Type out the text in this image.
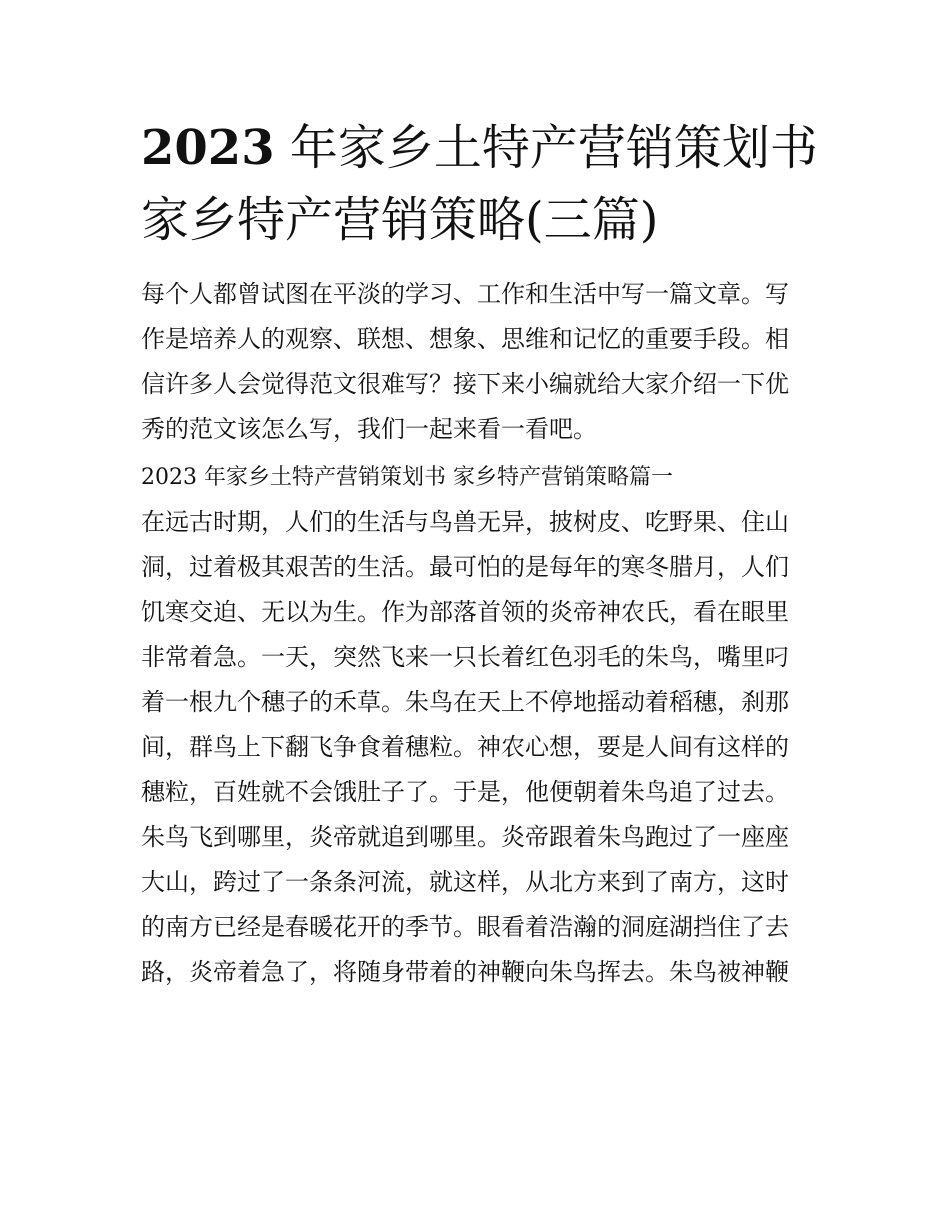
2023 年家乡土特产营销策划书
家乡特产营销策略(三篇)
每个人都曾试图在平淡的学习、工作和生活中写一篇文章。写
作是培养人的观察、联想、想象、思维和记忆的重要手段。相
信许多人会觉得范文很难写？接下来小编就给大家介绍一下优
秀的范文该怎么写，我们一起来看一看吧。
2023 年家乡土特产营销策划书 家乡特产营销策略篇一
在远古时期，人们的生活与鸟兽无异，披树皮、吃野果、住山
洞，过着极其艰苦的生活。最可怕的是每年的寒冬腊月，人们
饥寒交迫、无以为生。作为部落首领的炎帝神农氏，看在眼里
非常着急。一天，突然飞来一只长着红色羽毛的朱鸟，嘴里叼
着一根九个穗子的禾草。朱鸟在天上不停地摇动着稻穗，刹那
间，群鸟上下翻飞争食着穗粒。神农心想，要是人间有这样的
穗粒，百姓就不会饿肚子了。于是，他便朝着朱鸟追了过去。
朱鸟飞到哪里，炎帝就追到哪里。炎帝跟着朱鸟跑过了一座座
大山，跨过了一条条河流，就这样，从北方来到了南方，这时
的南方已经是春暖花开的季节。眼看着浩瀚的洞庭湖挡住了去
路，炎帝着急了，将随身带着的神鞭向朱鸟挥去。朱鸟被神鞭
